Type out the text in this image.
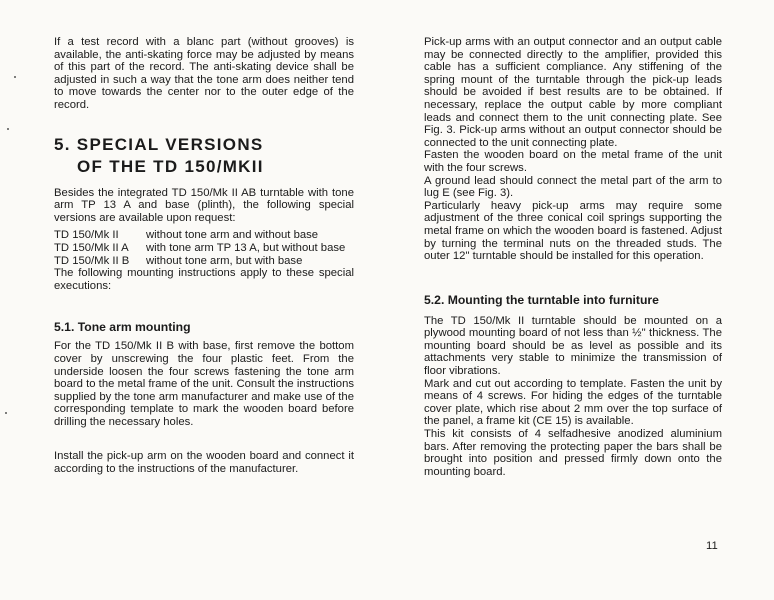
If a test record with a blanc part (without grooves) is available, the anti-skating force may be adjusted by means of this part of the record. The anti-skating device shall be adjusted in such a way that the tone arm does neither tend to move towards the center nor to the outer edge of the record.

5. SPECIAL VERSIONS
OF THE TD 150/MKII

Besides the integrated TD 150/Mk II AB turntable with tone arm TP 13 A and base (plinth), the following special versions are available upon request:

TD 150/Mk II	without tone arm and without base
TD 150/Mk II A	with tone arm TP 13 A, but without base
TD 150/Mk II B	without tone arm, but with base

The following mounting instructions apply to these special executions:

5.1. Tone arm mounting

For the TD 150/Mk II B with base, first remove the bottom cover by unscrewing the four plastic feet. From the underside loosen the four screws fastening the tone arm board to the metal frame of the unit. Consult the instructions supplied by the tone arm manufacturer and make use of the corresponding template to mark the wooden board before drilling the necessary holes.

Install the pick-up arm on the wooden board and connect it according to the instructions of the manufacturer.

Pick-up arms with an output connector and an output cable may be connected directly to the amplifier, provided this cable has a sufficient compliance. Any stiffening of the spring mount of the turntable through the pick-up leads should be avoided if best results are to be obtained. If necessary, replace the output cable by more compliant leads and connect them to the unit connecting plate. See Fig. 3. Pick-up arms without an output connector should be connected to the unit connecting plate.

Fasten the wooden board on the metal frame of the unit with the four screws.

A ground lead should connect the metal part of the arm to lug E (see Fig. 3).

Particularly heavy pick-up arms may require some adjustment of the three conical coil springs supporting the metal frame on which the wooden board is fastened. Adjust by turning the terminal nuts on the threaded studs. The outer 12" turntable should be installed for this operation.

5.2. Mounting the turntable into furniture

The TD 150/Mk II turntable should be mounted on a plywood mounting board of not less than ½" thickness. The mounting board should be as level as possible and its attachments very stable to minimize the transmission of floor vibrations.

Mark and cut out according to template. Fasten the unit by means of 4 screws. For hiding the edges of the turntable cover plate, which rise about 2 mm over the top surface of the panel, a frame kit (CE 15) is available.

This kit consists of 4 selfadhesive anodized aluminium bars. After removing the protecting paper the bars shall be brought into position and pressed firmly down onto the mounting board.

11
